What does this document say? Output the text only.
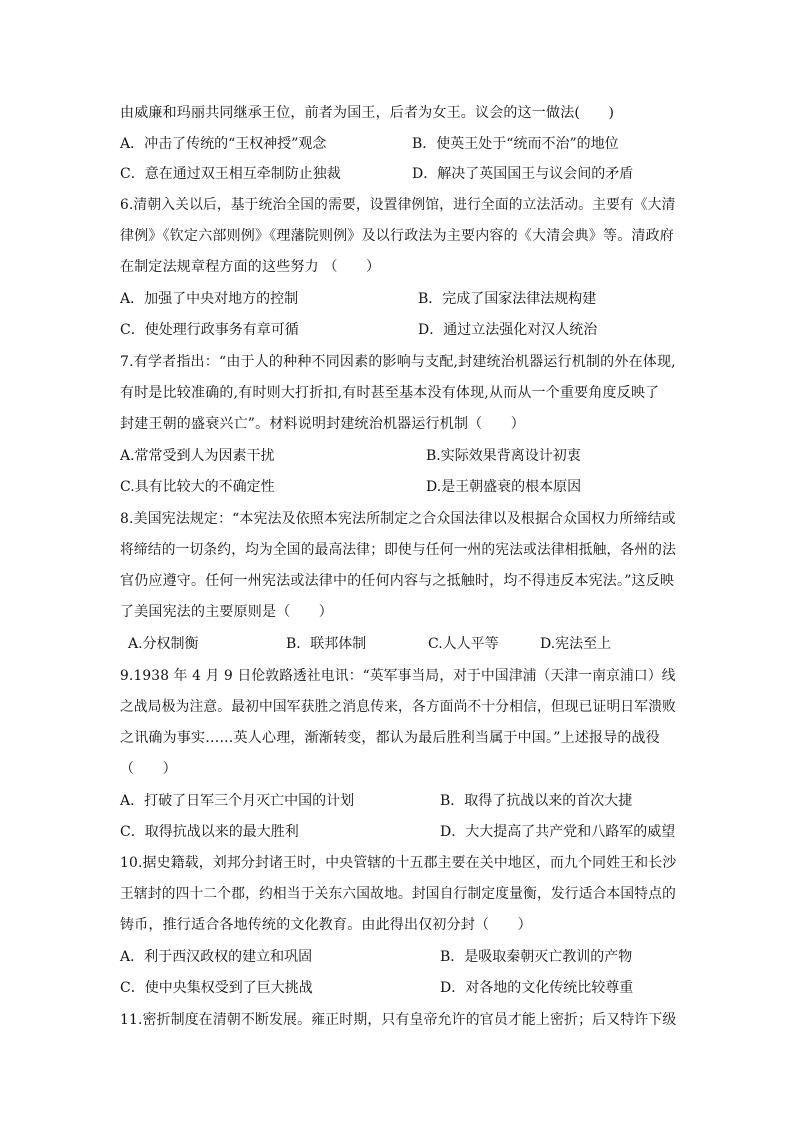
由威廉和玛丽共同继承王位，前者为国王，后者为女王。议会的这一做法(　　)
A．冲击了传统的“王权神授”观念	B．使英王处于“统而不治”的地位
C．意在通过双王相互牵制防止独裁	D．解决了英国国王与议会间的矛盾
6.清朝入关以后，基于统治全国的需要，设置律例馆，进行全面的立法活动。主要有《大清
律例》《钦定六部则例》《理藩院则例》及以行政法为主要内容的《大清会典》等。清政府
在制定法规章程方面的这些努力 （　　）
A．加强了中央对地方的控制	B．完成了国家法律法规构建
C．使处理行政事务有章可循	D．通过立法强化对汉人统治
7.有学者指出：“由于人的种种不同因素的影响与支配,封建统治机器运行机制的外在体现,
有时是比较准确的,有时则大打折扣,有时甚至基本没有体现,从而从一个重要角度反映了
封建王朝的盛衰兴亡”。材料说明封建统治机器运行机制（　　）
A.常常受到人为因素干扰	B.实际效果背离设计初衷
C.具有比较大的不确定性	D.是王朝盛衰的根本原因
8.美国宪法规定：“本宪法及依照本宪法所制定之合众国法律以及根据合众国权力所缔结或
将缔结的一切条约，均为全国的最高法律；即使与任何一州的宪法或法律相抵触，各州的法
官仍应遵守。任何一州宪法或法律中的任何内容与之抵触时，均不得违反本宪法。”这反映
了美国宪法的主要原则是（　　）
A.分权制衡	B．联邦体制	C.人人平等	D.宪法至上
9.1938 年 4 月 9 日伦敦路透社电讯：“英军事当局，对于中国津浦（天津一南京浦口）线
之战局极为注意。最初中国军获胜之消息传来，各方面尚不十分相信，但现已证明日军溃败
之讯确为事实……英人心理，渐渐转变，都认为最后胜利当属于中国。”上述报导的战役
（　　）
A．打破了日军三个月灭亡中国的计划	B．取得了抗战以来的首次大捷
C．取得抗战以来的最大胜利	D．大大提高了共产党和八路军的威望
10.据史籍载，刘邦分封诸王时，中央管辖的十五郡主要在关中地区，而九个同姓王和长沙
王辖封的四十二个郡，约相当于关东六国故地。封国自行制定度量衡，发行适合本国特点的
铸币，推行适合各地传统的文化教育。由此得出仅初分封（　　）
A．利于西汉政权的建立和巩固	B．是吸取秦朝灭亡教训的产物
C．使中央集权受到了巨大挑战	D．对各地的文化传统比较尊重
11.密折制度在清朝不断发展。雍正时期，只有皇帝允许的官员才能上密折；后又特许下级
